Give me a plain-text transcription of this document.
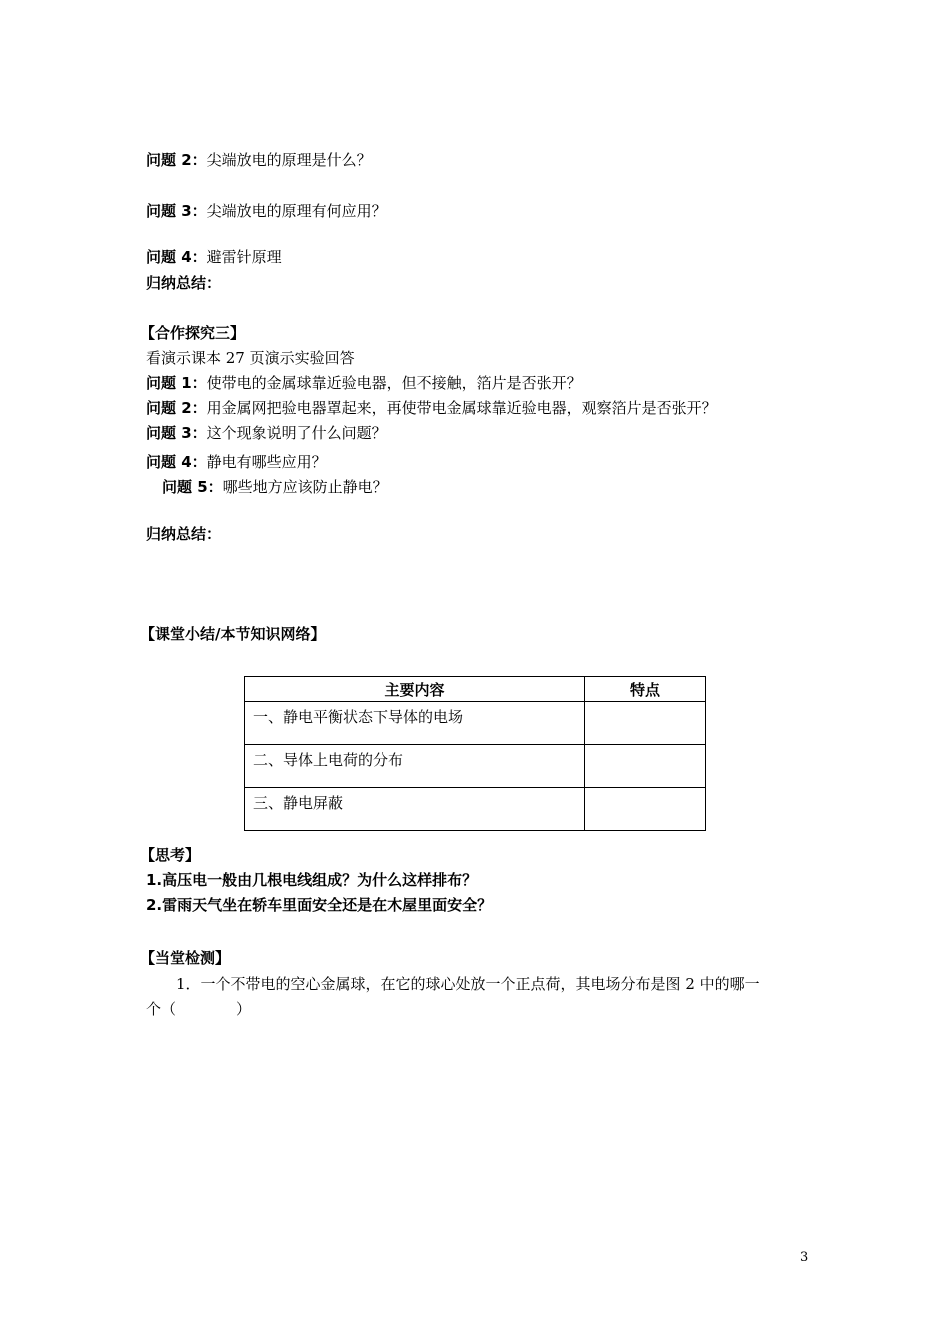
问题 2：尖端放电的原理是什么？
问题 3：尖端放电的原理有何应用？
问题 4：避雷针原理
归纳总结：
【合作探究三】
看演示课本 27 页演示实验回答
问题 1：使带电的金属球靠近验电器，但不接触，箔片是否张开？
问题 2：用金属网把验电器罩起来，再使带电金属球靠近验电器，观察箔片是否张开？
问题 3：这个现象说明了什么问题？
问题 4：静电有哪些应用？
问题 5：哪些地方应该防止静电？
归纳总结：
【课堂小结/本节知识网络】
主要内容	特点
一、静电平衡状态下导体的电场	
二、导体上电荷的分布	
三、静电屏蔽	
【思考】
1.高压电一般由几根电线组成？为什么这样排布？
2.雷雨天气坐在轿车里面安全还是在木屋里面安全？
【当堂检测】
1．一个不带电的空心金属球，在它的球心处放一个正点荷，其电场分布是图 2 中的哪一
个（　　　　）
3
